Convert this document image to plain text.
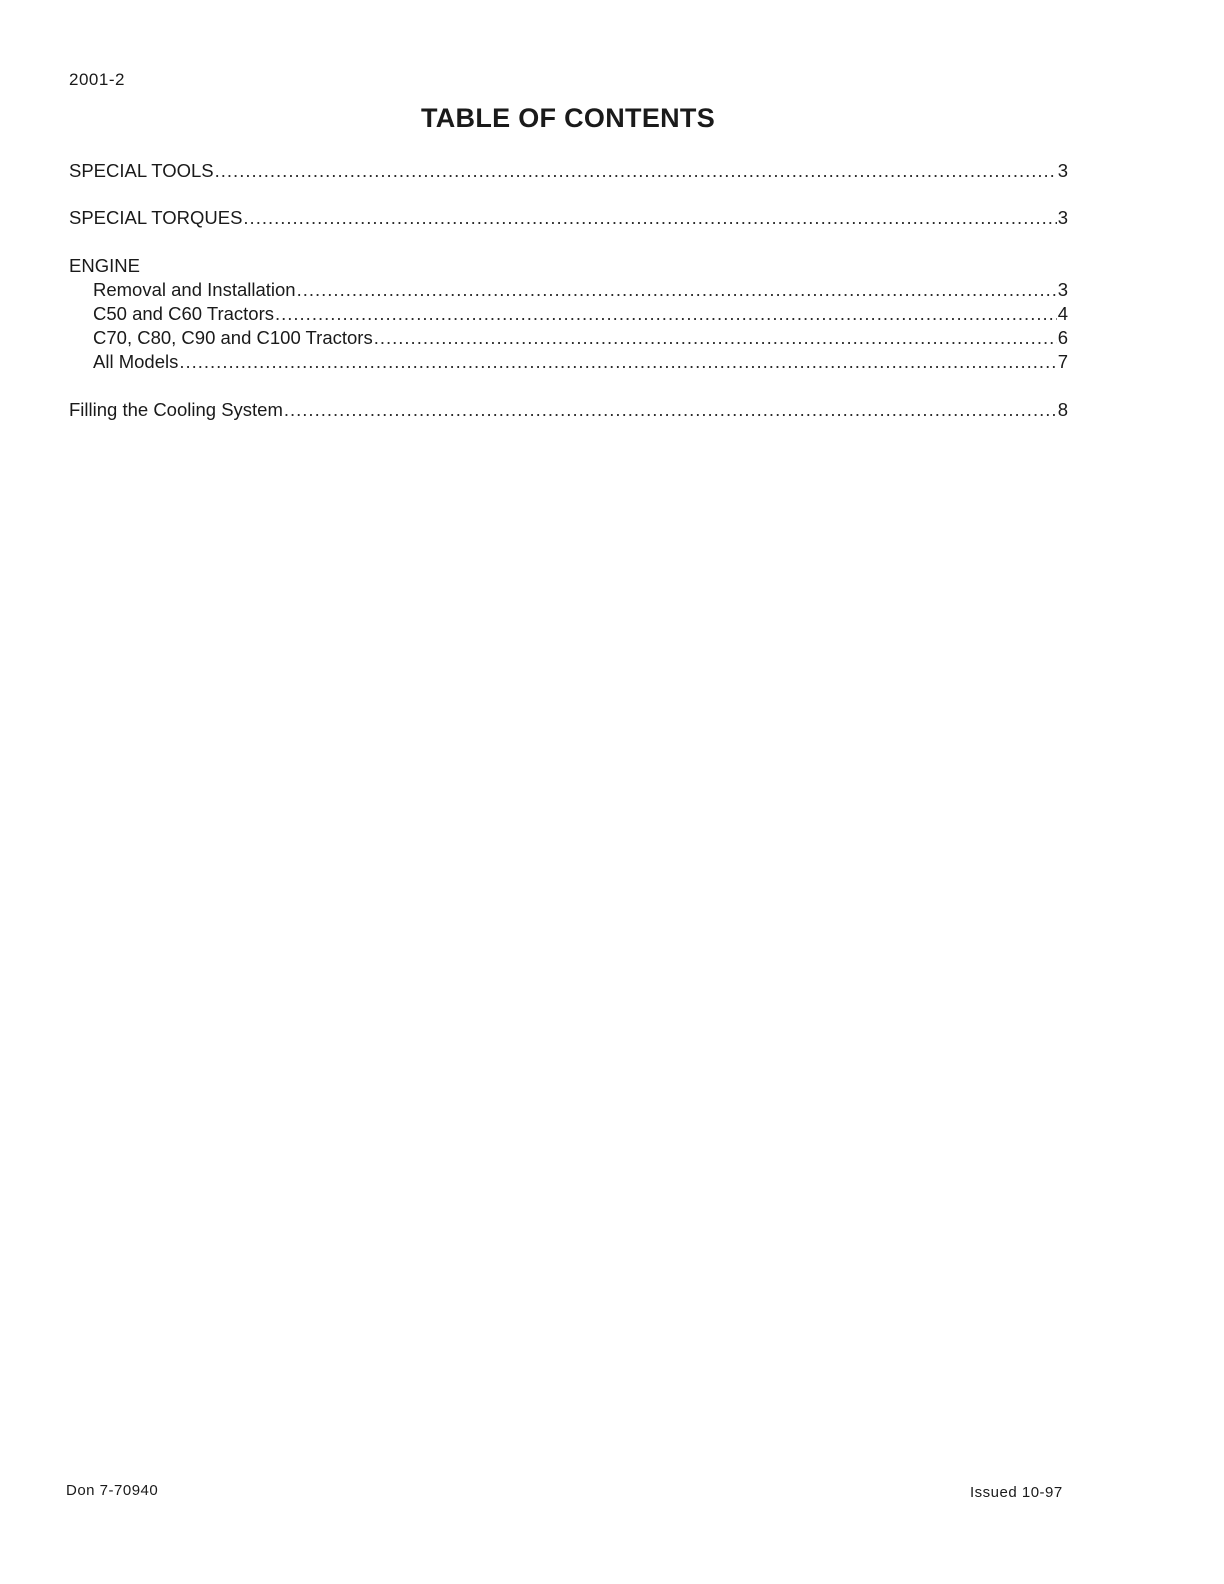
2001-2
TABLE OF CONTENTS
SPECIAL TOOLS .....	3
SPECIAL TORQUES .....	3
ENGINE
Removal and Installation .....	3
C50 and C60 Tractors .....	4
C70, C80, C90 and C100 Tractors .....	6
All Models .....	7
Filling the Cooling System .....	8
Don 7-70940	Issued 10-97
